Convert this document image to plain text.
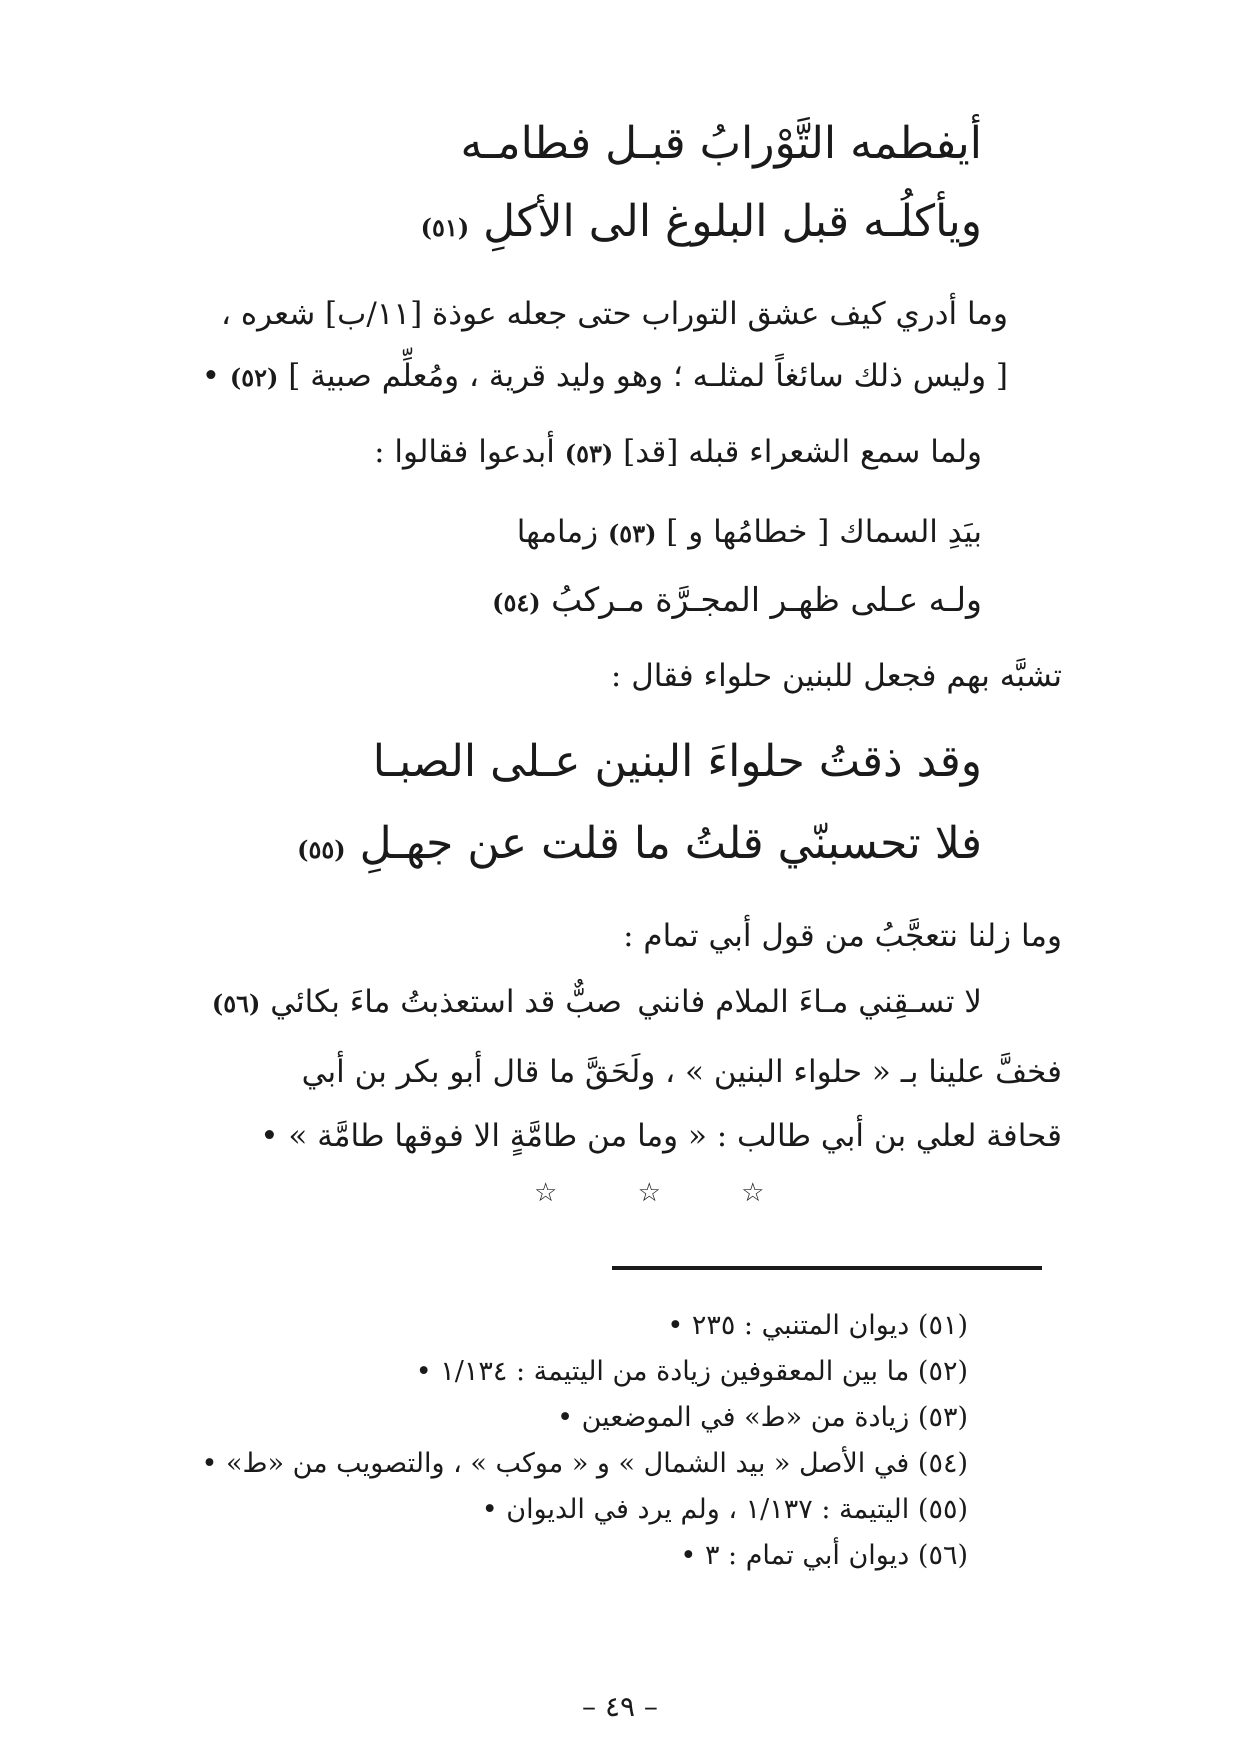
أيفطمه التَّوْرابُ قبـل فطامـه
ويأكلُـه قبل البلوغ الى الأكلِ (٥١)
وما أدري كيف عشق التوراب حتى جعله عوذة [١١/ب] شعره ،
[ وليس ذلك سائغاً لمثلـه ؛ وهو وليد قرية ، ومُعلِّم صبية ] (٥٢) •
ولما سمع الشعراء قبله [قد] (٥٣) أبدعوا فقالوا :
بيَدِ السماك [ خطامُها و ] (٥٣) زمامها
ولـه عـلى ظهـر المجـرَّة مـركبُ (٥٤)
تشبَّه بهم فجعل للبنين حلواء فقال :
وقد ذقتُ حلواءَ البنين عـلى الصبـا
فلا تحسبنّي قلتُ ما قلت عن جهـلِ (٥٥)
وما زلنا نتعجَّبُ من قول أبي تمام :
لا تسـقِني مـاءَ الملام فانني
صبٌّ قد استعذبتُ ماءَ بكائي (٥٦)
فخفَّ علينا بـ « حلواء البنين » ، ولَحَقَّ ما قال أبو بكر بن أبي
قحافة لعلي بن أبي طالب : « وما من طامَّةٍ الا فوقها طامَّة » •
☆	☆	☆
(٥١) ديوان المتنبي : ٢٣٥ •
(٥٢) ما بين المعقوفين زيادة من اليتيمة : ١/١٣٤ •
(٥٣) زيادة من «ط» في الموضعين •
(٥٤) في الأصل « بيد الشمال » و « موكب » ، والتصويب من «ط» •
(٥٥) اليتيمة : ١/١٣٧ ، ولم يرد في الديوان •
(٥٦) ديوان أبي تمام : ٣ •
– ٤٩ –
